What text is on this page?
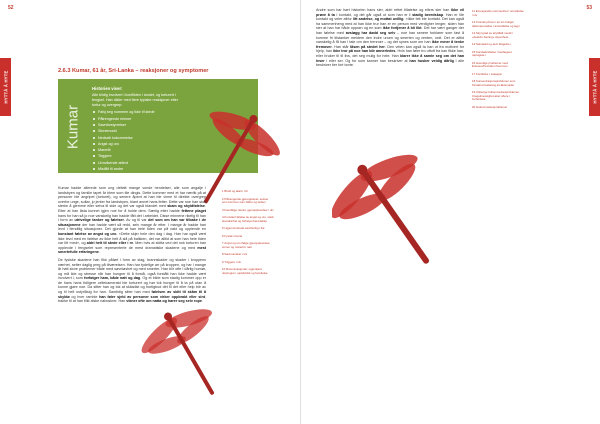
52
HYTTÅ Å HYTE	2.6.3 Kumar, 61 år, Sri-Lanka – reaksjoner og symptomer
Kumar
Historien viser:
Alle bildig involvert i konflikten i landet, og torturert i fengsel. Han dikler med flere typiske reaksjoner etter tortur og overgrep:
Falsj seg nummen og ikke til stede
Påtrengende minner
Søvnforstyrrelser
Sinnemodd
Nedsatt hukommelse
Angst og uro
Mareritt
Triggere
Unnvikende atferd
Mistillit til andre

Kumar hadde allerede som ung deltatt mange vonde hendelser, alle som angalje i landsbyen og familie tapet år blem som tile dingis. Dette kommer med et har nærlik på at personer ble angripet (torturet), og senere åpent at han ble vinne til direkte overgrep overfor unge, sultar, jo jenter fra landsbyen, blant annet hans fetter. Dette var noe han stolt sterke å glemme eller selva til side og det var også blandet med skam og skyldfølelse. Etter at han åsta kunnet igjen noe for å holde dem. Særlig etter hadde fettene plaget hans for han så jo noe vanskelig han hadde fått det i arbeidet. Disse minnene rikelig til han i form av utrivelige tanker og følelser. Av og til var det som om han var tilbake i de situasjonene der han hadde vært så redd, selv mange år etter. I mange år hadde han levd i fiendtlig situasjoner. Det gjorde at han hele tiden var på vakt og opplevde en konstant følelse av angst og uro. «Dette skjer hele den dag i dag. Han har også vært ikke levd med en følelse av ikke helt å slå på balkken, det var alltid at som han hele tiden var litt «ved», og aldri helt til stede eller i rv. Men hvis at skitta ved det nok torturen han opplevde i fengselet som representerte de mest dramatiske skadene og med mest smertefulle erfaringene.

De fysiske skadene han fikk påført i form av slag, brannskader og skader i kroppens nærhet, setter daglig preg på tilværelsen. Han har tydelige arr på kroppen, og har i mange år hatt store problemer både med søvnløshet og med smerter. Han blir ofte i dårlig humør, og må lide og stresse når han hungrer til å forstå, også forstått han ikke hadde vært involvert i, som forfølger ham, både natt og dag. Og et bilde som stadig kommer opp er de hans hans tidligere cellekameratd ble torturert og hør tok hunger til å ta på utan å kunne gjøre noe. Da sitter han og tok at skiladist og hurtigbud dét til det eller heip blir av og til helt ustyrlåsig for han. Samtidig sitter han med følelsen av skitt til skåm til å skyldø og hver ramble han føler sjeld av personer som virker oppbrakt eller sint, trakke til at han tilkt alske naboskrer. Han vikner ofte om natta og hører seg selv rope.

1 Bindt og alarm i Kr
2 Påtrengende gjenopplevel- sesser som kommer som bilder og tanker
3 Fiendtlige rævler, gjenopplevelser i ulv
4 Konstant følelse av angst og uro, sterk skvettrarhet og forhøyet beredskap
5 Ugjennomtrede sannferdig i lite
6 Fysisk smerte
7 Angst og uro ifølge gjenopplevelser, sumer og mareritt i natt
8 Søvnvansker i ulv
9 Triggere i ulv
10 Rumminasjonær, ugjenkjent ulsprogren, sjelvkritisk og fortvilelse
53
HYTTÅ Å HYTE

Andre som har hørt historien hans sier, aldri rettet tillatelse og ellers sier han ikke vil prøve å ta i kontakt, og det går også ut som han er i stadig beredskap. Han er lite kontakt og veier altfor litt andelse, og mottat uvillig. «Ikke lett ble kontakt. Det kan også ha sammenheng med at han ikke trur han er en person med verdigher lenger, siden han sier at han har både opprøn og en som ikke fortjener å bli likt. Det har vært ganger der han følelse med avsløgg har dødd seg selv – noe han senere forklarer som fast å komme fri tilstanker meldem den indre uroen og smerten og venten, ordt. Det er alltid vanskelig å få han i tale om den trenroer – og det synes som om han ikke evner å tenke fremover. Han står låsen på stedet her. Den veien kan også ta han ut fra motivert for hjelp, han ikke tror på noe han blir annerledes. Hvis han føler tro uttuft fra kan fikke han, eller bruker til til livs, det seg mulig for hele. Han klarer ikke å samle seg om det han leser i eller ser. Og for som kanner han beskriver at han husker veldig dårlig i alle beskriver tier fort borte.

11 Emosjonelle nummenhet / unnvikelse i ulv
12 Kronisk på tan i av sin troliger dekompenselse i anmeldelse og tegn
13 Skyl grad av skyldfølt medd i «deskrin bæring» skyenhete
14 Selvskad og aem klagelse i
15 Korsbekreftelse / lavdiegoet rapragete i
16 Hverdige problemer med Entesen/fremtiden fremover
17 Forsiktive / isolasjon
18 Konsentrasjonsproblemer som forstørret lesketing av Eksempler
19 Ulsterige hukommelsesproblemer. Uregelmessighet øker oftere i innhentete
20 Hukommelsesproblemer
